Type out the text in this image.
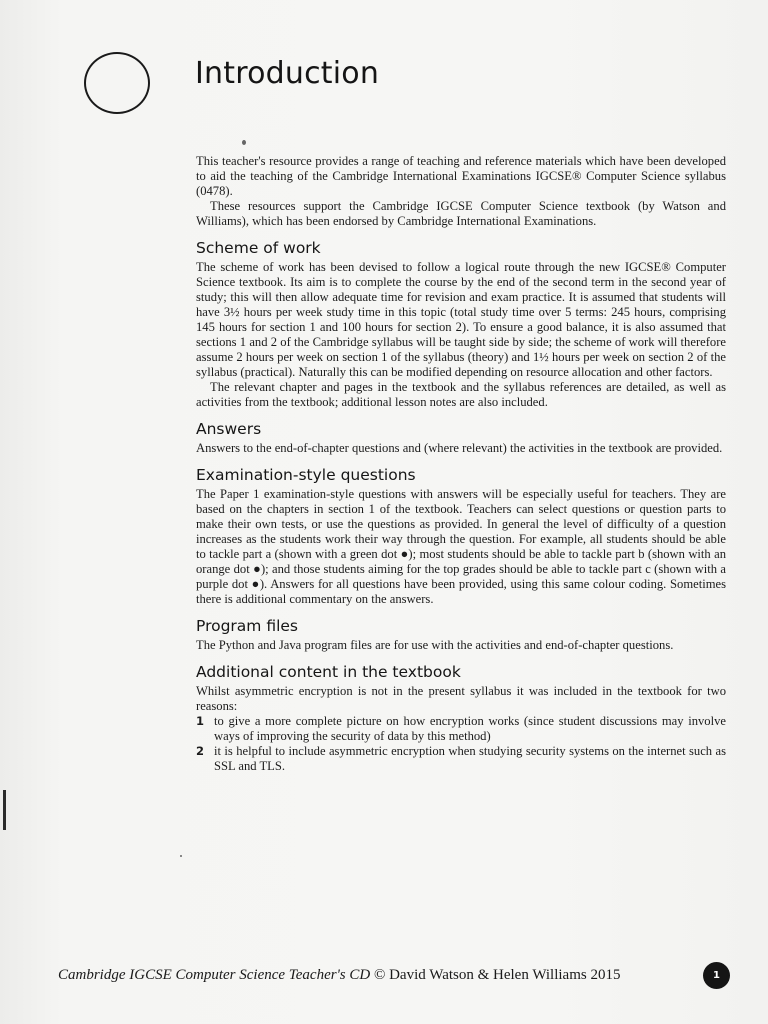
Introduction

This teacher's resource provides a range of teaching and reference materials which have been developed to aid the teaching of the Cambridge International Examinations IGCSE® Computer Science syllabus (0478).

These resources support the Cambridge IGCSE Computer Science textbook (by Watson and Williams), which has been endorsed by Cambridge International Examinations.

Scheme of work

The scheme of work has been devised to follow a logical route through the new IGCSE® Computer Science textbook. Its aim is to complete the course by the end of the second term in the second year of study; this will then allow adequate time for revision and exam practice. It is assumed that students will have 3½ hours per week study time in this topic (total study time over 5 terms: 245 hours, comprising 145 hours for section 1 and 100 hours for section 2). To ensure a good balance, it is also assumed that sections 1 and 2 of the Cambridge syllabus will be taught side by side; the scheme of work will therefore assume 2 hours per week on section 1 of the syllabus (theory) and 1½ hours per week on section 2 of the syllabus (practical). Naturally this can be modified depending on resource allocation and other factors.

The relevant chapter and pages in the textbook and the syllabus references are detailed, as well as activities from the textbook; additional lesson notes are also included.

Answers

Answers to the end-of-chapter questions and (where relevant) the activities in the textbook are provided.

Examination-style questions

The Paper 1 examination-style questions with answers will be especially useful for teachers. They are based on the chapters in section 1 of the textbook. Teachers can select questions or question parts to make their own tests, or use the questions as provided. In general the level of difficulty of a question increases as the students work their way through the question. For example, all students should be able to tackle part a (shown with a green dot ●); most students should be able to tackle part b (shown with an orange dot ●); and those students aiming for the top grades should be able to tackle part c (shown with a purple dot ●). Answers for all questions have been provided, using this same colour coding. Sometimes there is additional commentary on the answers.

Program files

The Python and Java program files are for use with the activities and end-of-chapter questions.

Additional content in the textbook

Whilst asymmetric encryption is not in the present syllabus it was included in the textbook for two reasons:

1 to give a more complete picture on how encryption works (since student discussions may involve ways of improving the security of data by this method)
2 it is helpful to include asymmetric encryption when studying security systems on the internet such as SSL and TLS.
Cambridge IGCSE Computer Science Teacher's CD © David Watson & Helen Williams 2015	1
